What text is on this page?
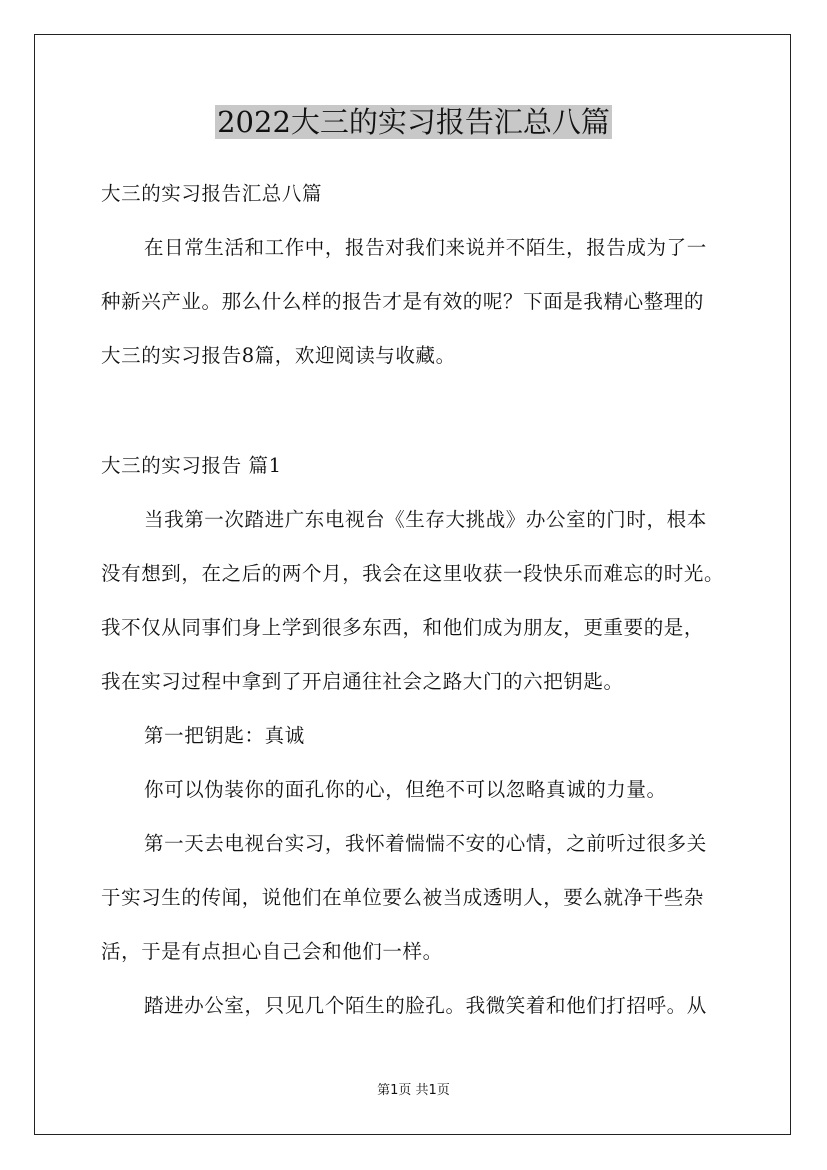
2022大三的实习报告汇总八篇
大三的实习报告汇总八篇
在日常生活和工作中，报告对我们来说并不陌生，报告成为了一
种新兴产业。那么什么样的报告才是有效的呢？下面是我精心整理的
大三的实习报告8篇，欢迎阅读与收藏。
大三的实习报告 篇1
当我第一次踏进广东电视台《生存大挑战》办公室的门时，根本
没有想到，在之后的两个月，我会在这里收获一段快乐而难忘的时光。
我不仅从同事们身上学到很多东西，和他们成为朋友，更重要的是，
我在实习过程中拿到了开启通往社会之路大门的六把钥匙。
第一把钥匙：真诚
你可以伪装你的面孔你的心，但绝不可以忽略真诚的力量。
第一天去电视台实习，我怀着惴惴不安的心情，之前听过很多关
于实习生的传闻，说他们在单位要么被当成透明人，要么就净干些杂
活，于是有点担心自己会和他们一样。
踏进办公室，只见几个陌生的脸孔。我微笑着和他们打招呼。从
第1页 共1页
